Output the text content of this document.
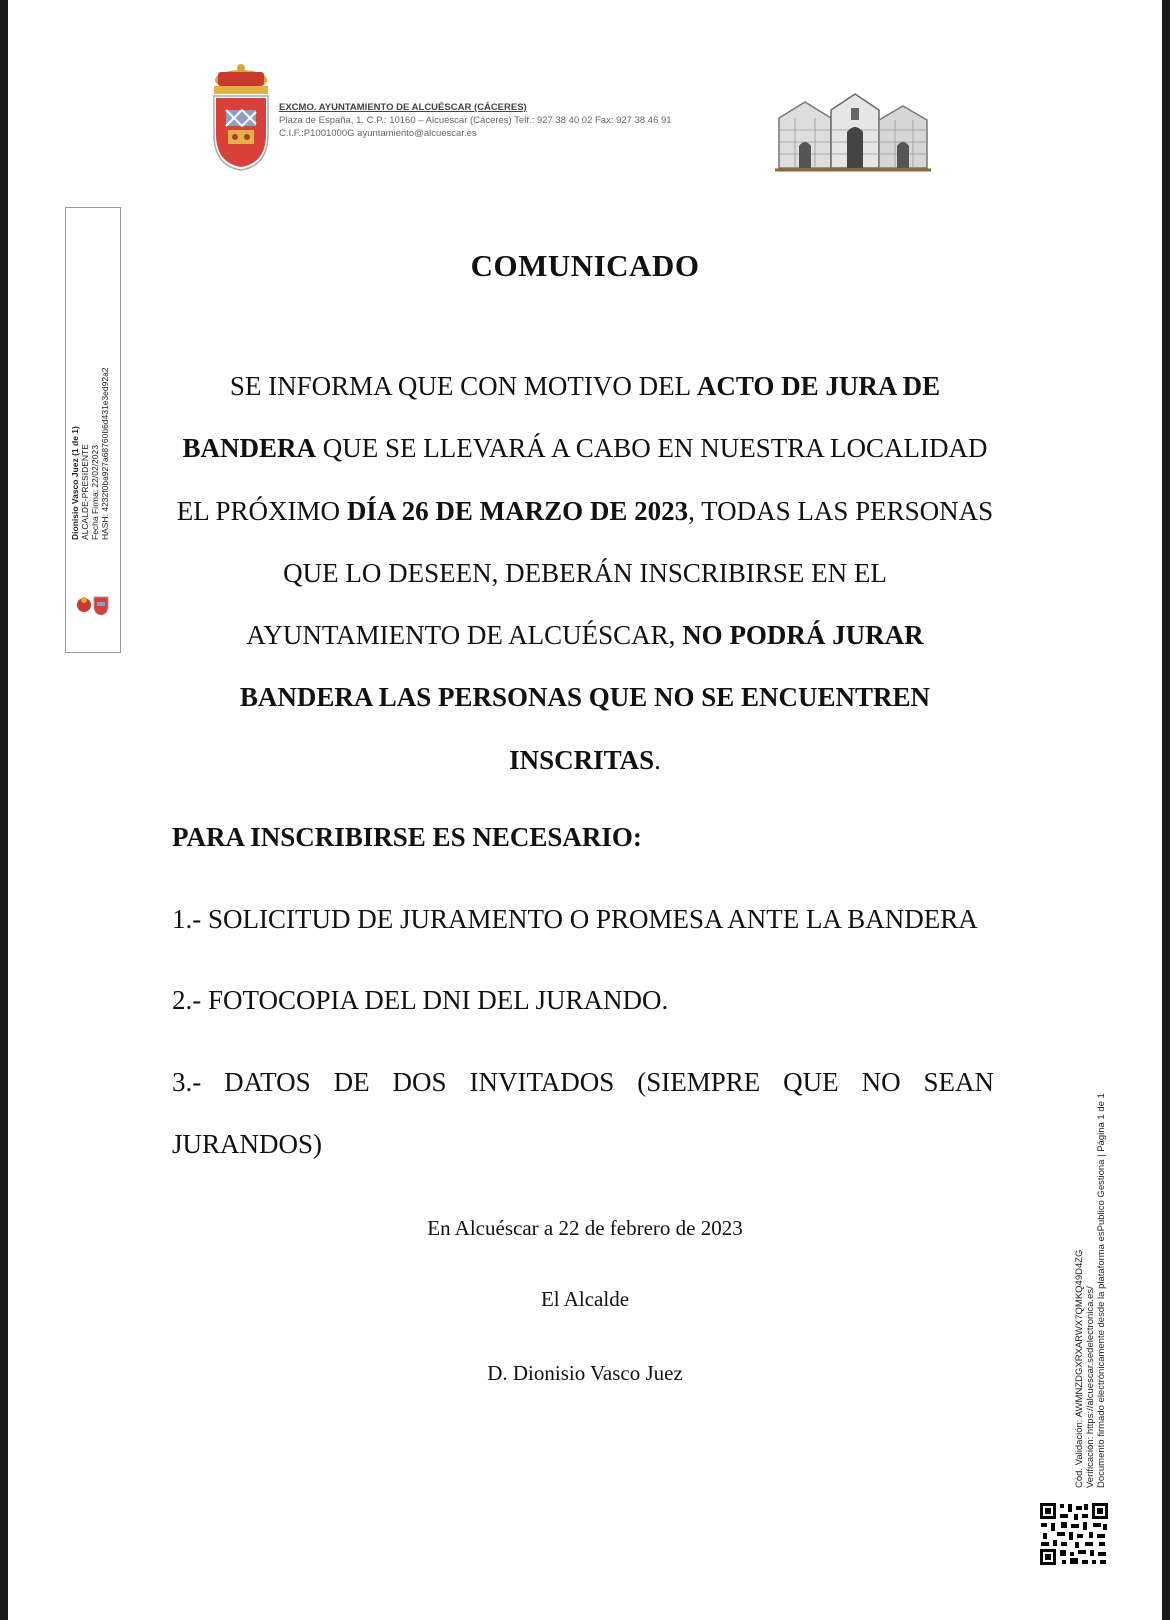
EXCMO. AYUNTAMIENTO DE ALCUÉSCAR (CÁCERES)
Plaza de España, 1. C.P.: 10160 – Alcuéscar (Cáceres) Telf.: 927 38 40 02 Fax: 927 38 46 91
C.I.F.:P1001000G ayuntamiento@alcuescar.es
Dionisio Vasco Juez (1 de 1) ALCALDE-PRESIDENTE Fecha Firma: 22/02/2023 HASH: 4232f0ba927a68760b6d431e3ed92a2
COMUNICADO
SE INFORMA QUE CON MOTIVO DEL ACTO DE JURA DE
BANDERA QUE SE LLEVARÁ A CABO EN NUESTRA LOCALIDAD
EL PRÓXIMO DÍA 26 DE MARZO DE 2023, TODAS LAS PERSONAS
QUE LO DESEEN, DEBERÁN INSCRIBIRSE EN EL
AYUNTAMIENTO DE ALCUÉSCAR, NO PODRÁ JURAR
BANDERA LAS PERSONAS QUE NO SE ENCUENTREN
INSCRITAS.
PARA INSCRIBIRSE ES NECESARIO:
1.- SOLICITUD DE JURAMENTO O PROMESA ANTE LA BANDERA
2.- FOTOCOPIA DEL DNI DEL JURANDO.
3.- DATOS DE DOS INVITADOS (SIEMPRE QUE NO SEAN
JURANDOS)
En Alcuéscar a 22 de febrero de 2023
El Alcalde
D. Dionisio Vasco Juez	Cód. Validación: AWMNZDGXRXARWX7QMKQ49D4ZG Verificación: https://alcuescar.sedelectronica.es/ Documento firmado electrónicamente desde la plataforma esPublico Gestiona | Página 1 de 1
